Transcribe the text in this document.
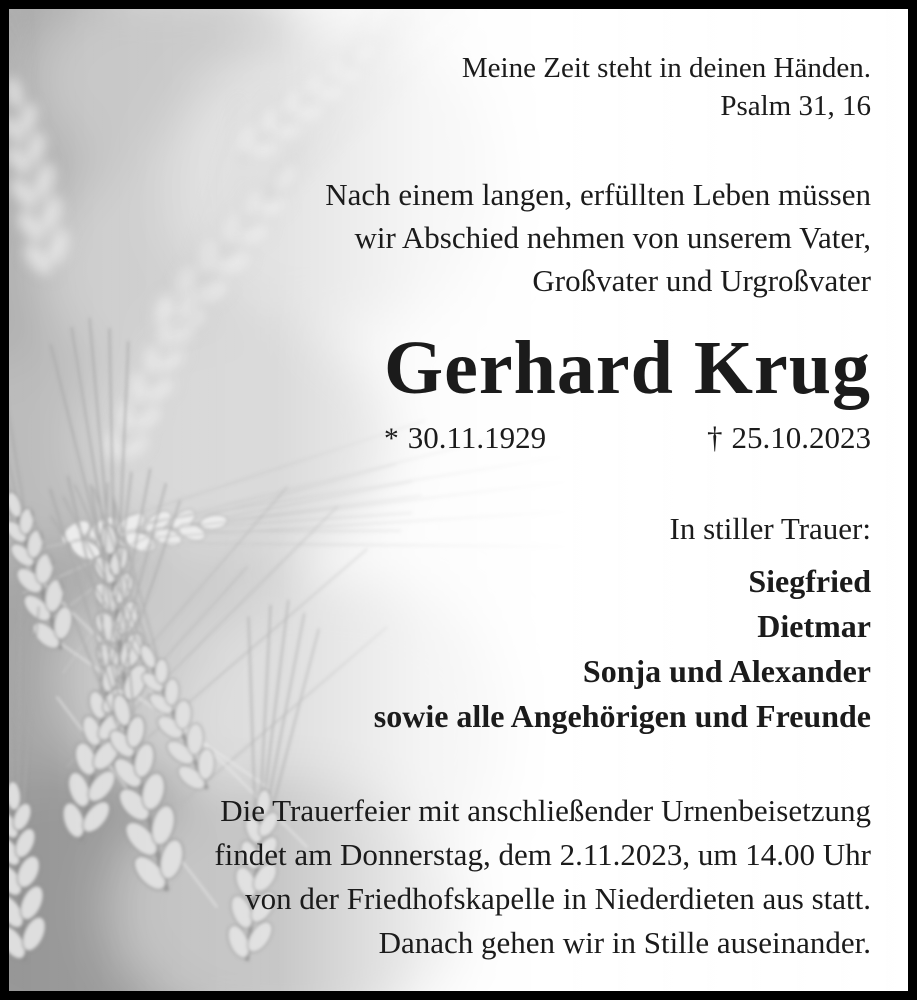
Meine Zeit steht in deinen Händen.
Psalm 31, 16
Nach einem langen, erfüllten Leben müssen
wir Abschied nehmen von unserem Vater,
Großvater und Urgroßvater
Gerhard Krug
* 30.11.1929	† 25.10.2023
In stiller Trauer:
Siegfried
Dietmar
Sonja und Alexander
sowie alle Angehörigen und Freunde
Die Trauerfeier mit anschließender Urnenbeisetzung
findet am Donnerstag, dem 2.11.2023, um 14.00 Uhr
von der Friedhofskapelle in Niederdieten aus statt.
Danach gehen wir in Stille auseinander.
